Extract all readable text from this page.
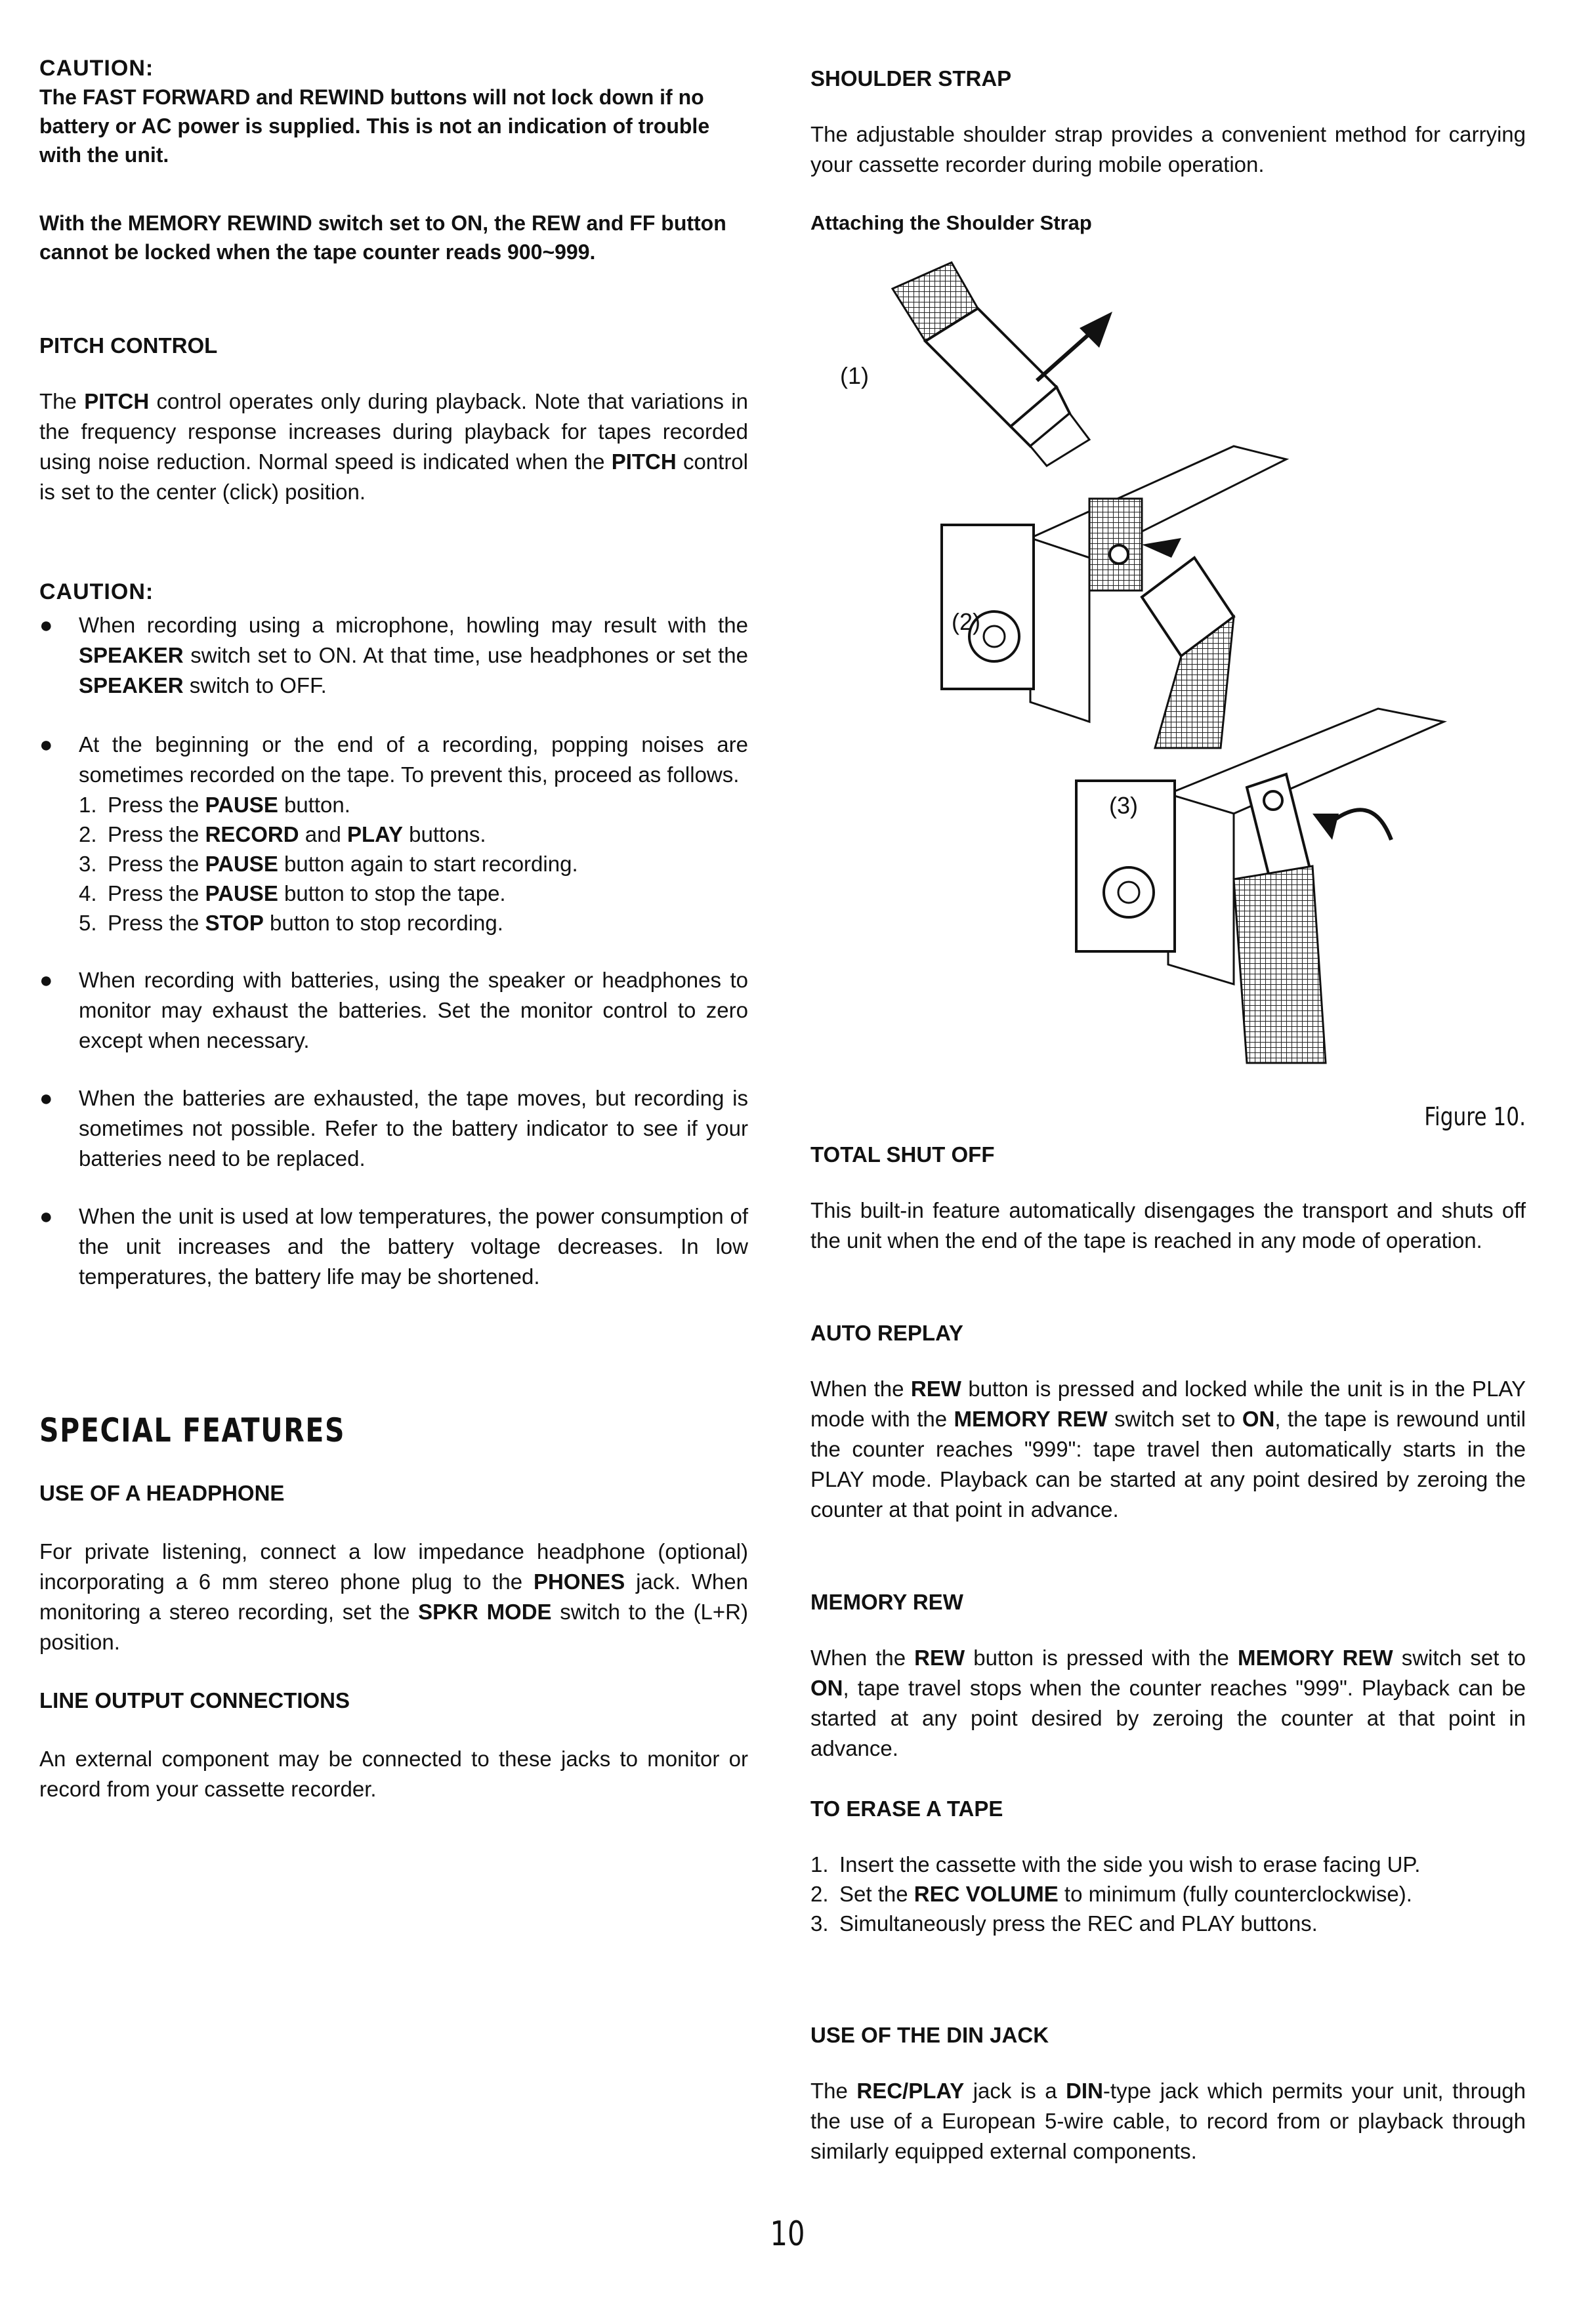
CAUTION:

The FAST FORWARD and REWIND buttons will not lock down if no battery or AC power is supplied. This is not an indication of trouble with the unit.

With the MEMORY REWIND switch set to ON, the REW and FF button cannot be locked when the tape counter reads 900~999.

PITCH CONTROL

The PITCH control operates only during playback. Note that variations in the frequency response increases during playback for tapes recorded using noise reduction. Normal speed is indicated when the PITCH control is set to the center (click) position.

CAUTION:

● When recording using a microphone, howling may result with the SPEAKER switch set to ON. At that time, use headphones or set the SPEAKER switch to OFF.

● At the beginning or the end of a recording, popping noises are sometimes recorded on the tape. To prevent this, proceed as follows.

1. Press the PAUSE button.
2. Press the RECORD and PLAY buttons.
3. Press the PAUSE button again to start recording.
4. Press the PAUSE button to stop the tape.
5. Press the STOP button to stop recording.
● When recording with batteries, using the speaker or headphones to monitor may exhaust the batteries. Set the monitor control to zero except when necessary.

● When the batteries are exhausted, the tape moves, but recording is sometimes not possible. Refer to the battery indicator to see if your batteries need to be replaced.

● When the unit is used at low temperatures, the power consumption of the unit increases and the battery voltage decreases. In low temperatures, the battery life may be shortened.

SPECIAL FEATURES

USE OF A HEADPHONE

For private listening, connect a low impedance headphone (optional) incorporating a 6 mm stereo phone plug to the PHONES jack. When monitoring a stereo recording, set the SPKR MODE switch to the (L+R) position.

LINE OUTPUT CONNECTIONS

An external component may be connected to these jacks to monitor or record from your cassette recorder.

SHOULDER STRAP

The adjustable shoulder strap provides a convenient method for carrying your cassette recorder during mobile operation.

Attaching the Shoulder Strap

Figure 10.

TOTAL SHUT OFF

This built-in feature automatically disengages the transport and shuts off the unit when the end of the tape is reached in any mode of operation.

AUTO REPLAY

When the REW button is pressed and locked while the unit is in the PLAY mode with the MEMORY REW switch set to ON, the tape is rewound until the counter reaches "999": tape travel then automatically starts in the PLAY mode. Playback can be started at any point desired by zeroing the counter at that point in advance.

MEMORY REW

When the REW button is pressed with the MEMORY REW switch set to ON, tape travel stops when the counter reaches "999". Playback can be started at any point desired by zeroing the counter at that point in advance.

TO ERASE A TAPE

1. Insert the cassette with the side you wish to erase facing UP.
2. Set the REC VOLUME to minimum (fully counterclockwise).
3. Simultaneously press the REC and PLAY buttons.

USE OF THE DIN JACK

The REC/PLAY jack is a DIN-type jack which permits your unit, through the use of a European 5-wire cable, to record from or playback through similarly equipped external components.

(1)
(2)
(3)
10
